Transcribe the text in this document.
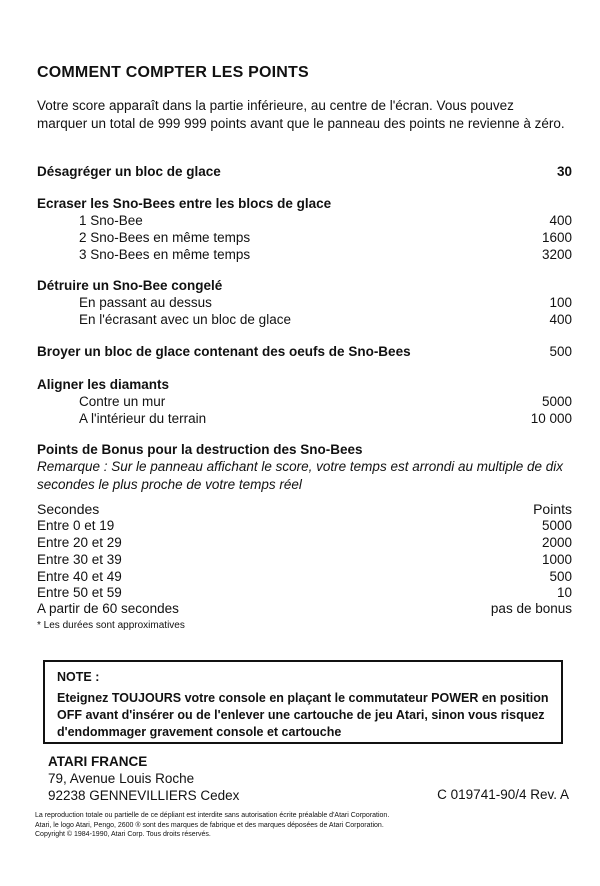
COMMENT COMPTER LES POINTS
Votre score apparaît dans la partie inférieure, au centre de l'écran. Vous pouvez marquer un total de 999 999 points avant que le panneau des points ne revienne à zéro.
Désagréger un bloc de glace	30
Ecraser les Sno-Bees entre les blocs de glace
1 Sno-Bee	400
2 Sno-Bees en même temps	1600
3 Sno-Bees en même temps	3200
Détruire un Sno-Bee congelé
En passant au dessus	100
En l'écrasant avec un bloc de glace	400
Broyer un bloc de glace contenant des oeufs de Sno-Bees	500
Aligner les diamants
Contre un mur	5000
A l'intérieur du terrain	10 000
Points de Bonus pour la destruction des Sno-Bees
Remarque : Sur le panneau affichant le score, votre temps est arrondi au multiple de dix secondes le plus proche de votre temps réel
Secondes	Points
Entre 0 et 19	5000
Entre 20 et 29	2000
Entre 30 et 39	1000
Entre 40 et 49	500
Entre 50 et 59	10
A partir de 60 secondes	pas de bonus
* Les durées sont approximatives
NOTE :
Eteignez TOUJOURS votre console en plaçant le commutateur POWER en position OFF avant d'insérer ou de l'enlever une cartouche de jeu Atari, sinon vous risquez d'endommager gravement console et cartouche
ATARI FRANCE
79, Avenue Louis Roche
92238 GENNEVILLIERS Cedex	C 019741-90/4 Rev. A
La reproduction totale ou partielle de ce dépliant est interdite sans autorisation écrite préalable d'Atari Corporation.
Atari, le logo Atari, Pengo, 2600 ® sont des marques de fabrique et des marques déposées de Atari Corporation.
Copyright © 1984-1990, Atari Corp. Tous droits réservés.
